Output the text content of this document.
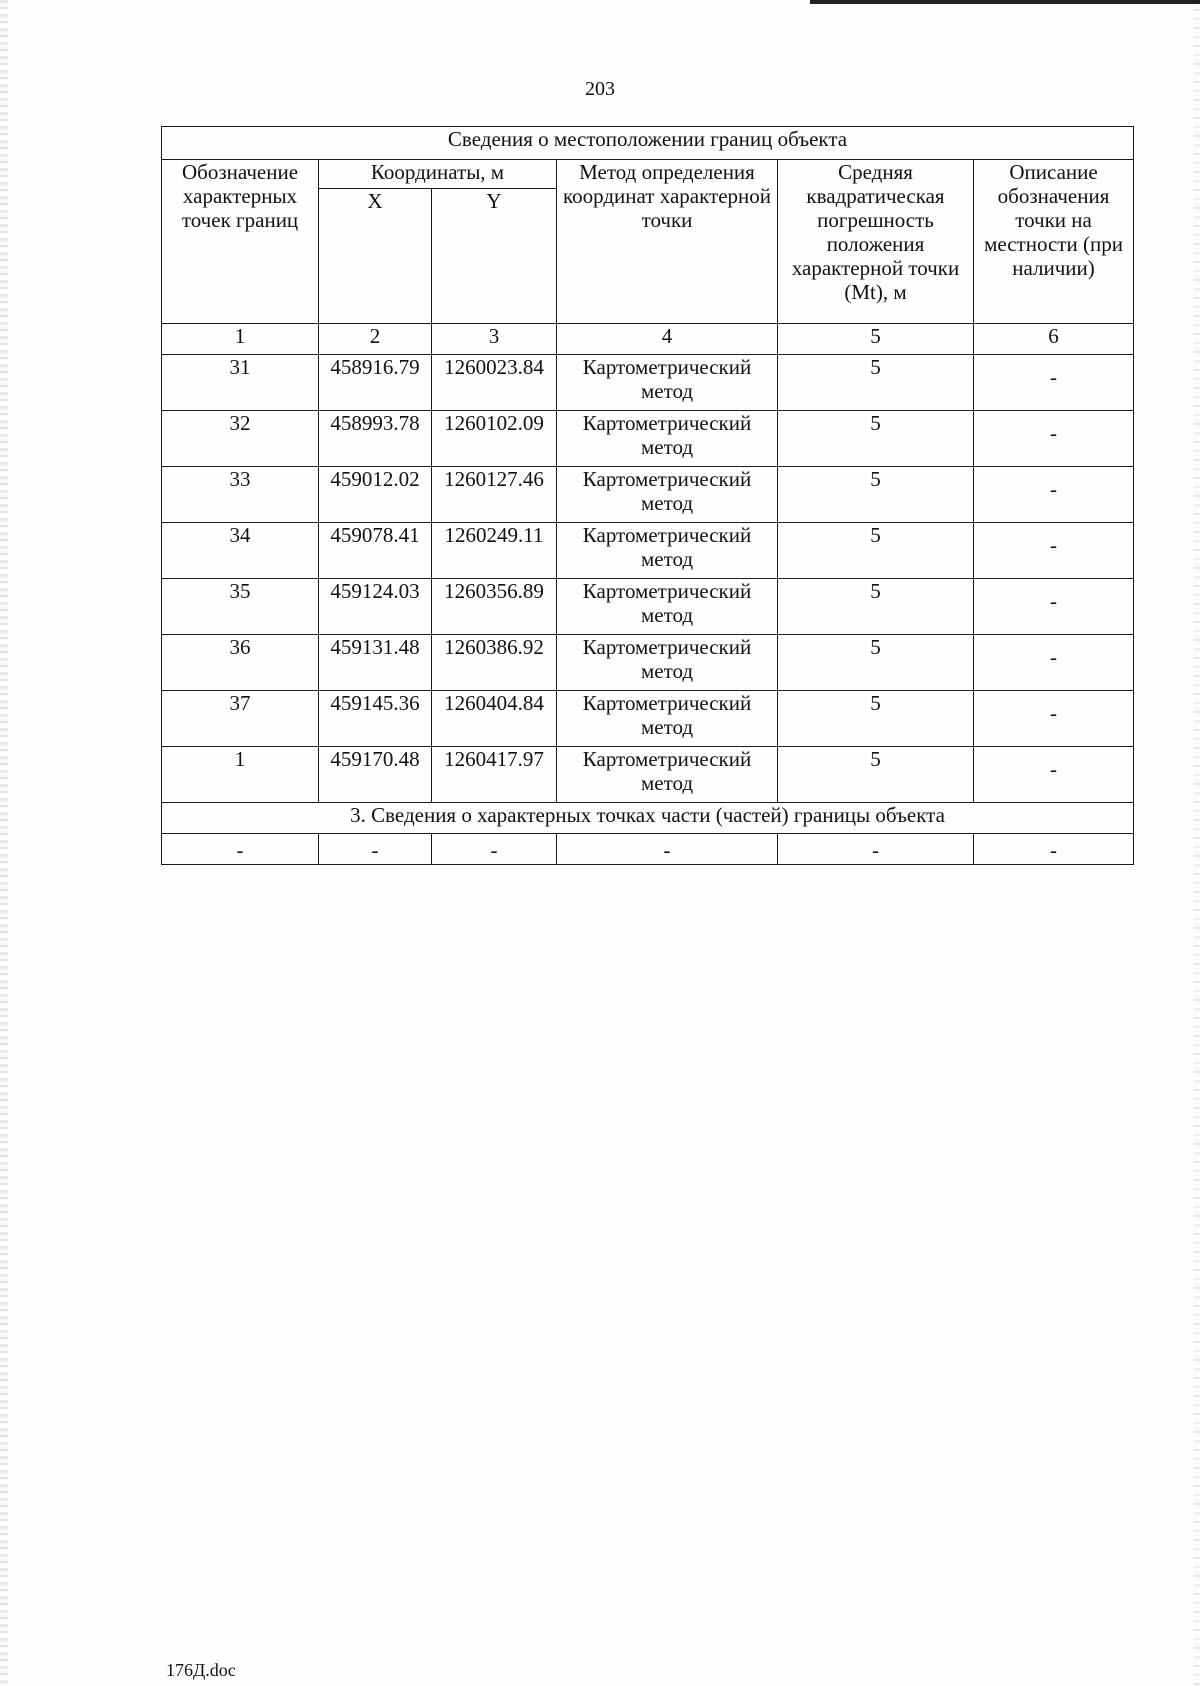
203
Сведения о местоположении границ объекта					
Обозначение характерных точек границ	Координаты, м		Метод определения координат характерной точки	Средняя квадратическая погрешность положения характерной точки (Mt), м	Описание обозначения точки на местности (при наличии)
	X	Y			
1	2	3	4	5	6
31	458916.79	1260023.84	Картометрический метод	5	-
32	458993.78	1260102.09	Картометрический метод	5	-
33	459012.02	1260127.46	Картометрический метод	5	-
34	459078.41	1260249.11	Картометрический метод	5	-
35	459124.03	1260356.89	Картометрический метод	5	-
36	459131.48	1260386.92	Картометрический метод	5	-
37	459145.36	1260404.84	Картометрический метод	5	-
1	459170.48	1260417.97	Картометрический метод	5	-
3. Сведения о характерных точках части (частей) границы объекта					
-	-	-	-	-	-
176Д.doc
